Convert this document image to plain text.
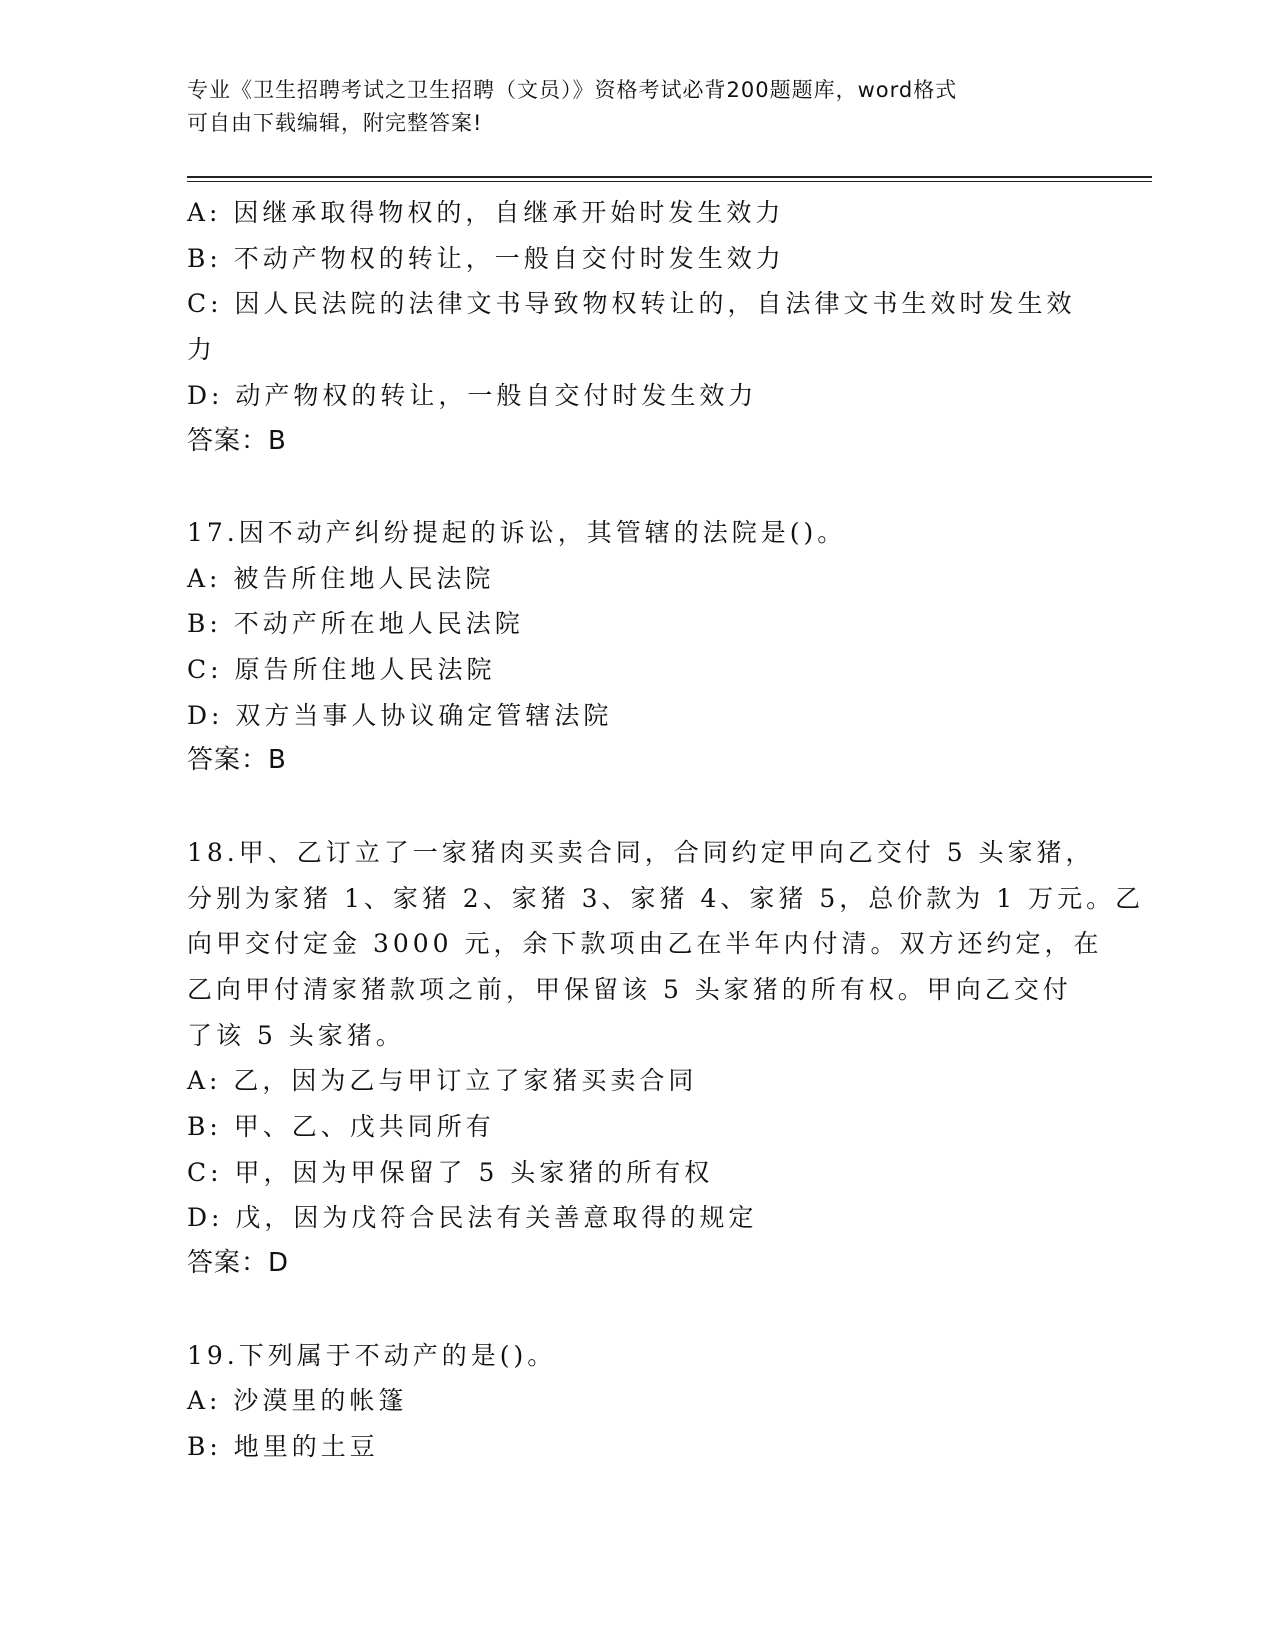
专业《卫生招聘考试之卫生招聘（文员）》资格考试必背200题题库，word格式
可自由下载编辑，附完整答案!
A: 因继承取得物权的，自继承开始时发生效力
B: 不动产物权的转让，一般自交付时发生效力
C: 因人民法院的法律文书导致物权转让的，自法律文书生效时发生效
力
D: 动产物权的转让，一般自交付时发生效力
答案：B
17.因不动产纠纷提起的诉讼，其管辖的法院是()。
A: 被告所住地人民法院
B: 不动产所在地人民法院
C: 原告所住地人民法院
D: 双方当事人协议确定管辖法院
答案：B
18.甲、乙订立了一家猪肉买卖合同，合同约定甲向乙交付 5 头家猪，
分别为家猪 1、家猪 2、家猪 3、家猪 4、家猪 5，总价款为 1 万元。乙
向甲交付定金 3000 元，余下款项由乙在半年内付清。双方还约定，在
乙向甲付清家猪款项之前，甲保留该 5 头家猪的所有权。甲向乙交付
了该 5 头家猪。
A: 乙，因为乙与甲订立了家猪买卖合同
B: 甲、乙、戊共同所有
C: 甲，因为甲保留了 5 头家猪的所有权
D: 戊，因为戊符合民法有关善意取得的规定
答案：D
19.下列属于不动产的是()。
A: 沙漠里的帐篷
B: 地里的土豆
